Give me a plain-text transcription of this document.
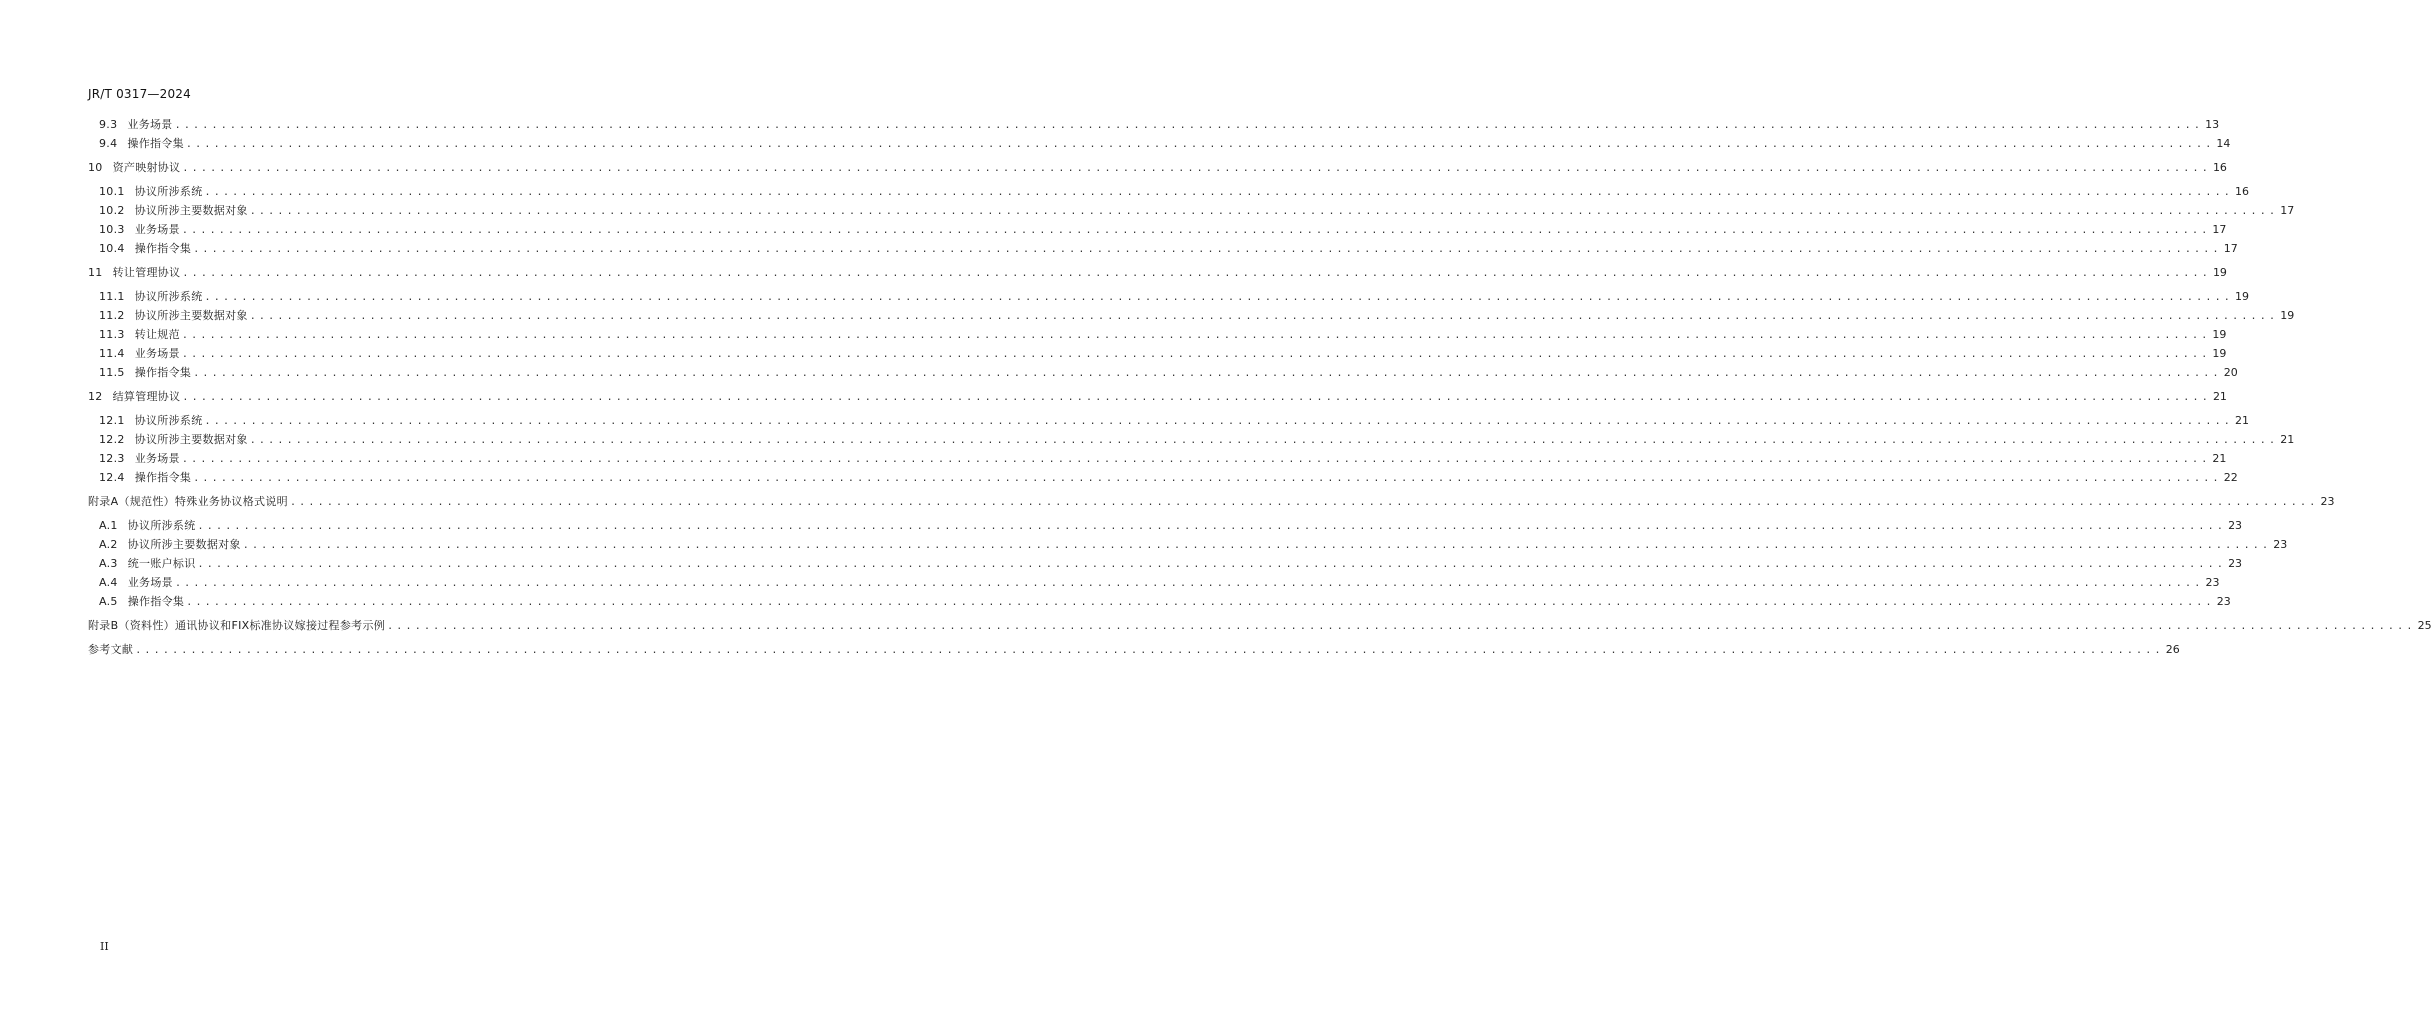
JR/T 0317—2024
9.3 业务场景 ............................................................................................................................................................................................................................ 13
9.4 操作指令集 ............................................................................................................................................................................................................................ 14
10 资产映射协议 ............................................................................................................................................................................................................................ 16
10.1 协议所涉系统 ............................................................................................................................................................................................................................ 16
10.2 协议所涉主要数据对象 ............................................................................................................................................................................................................................ 17
10.3 业务场景 ............................................................................................................................................................................................................................ 17
10.4 操作指令集 ............................................................................................................................................................................................................................ 17
11 转让管理协议 ............................................................................................................................................................................................................................ 19
11.1 协议所涉系统 ............................................................................................................................................................................................................................ 19
11.2 协议所涉主要数据对象 ............................................................................................................................................................................................................................ 19
11.3 转让规范 ............................................................................................................................................................................................................................ 19
11.4 业务场景 ............................................................................................................................................................................................................................ 19
11.5 操作指令集 ............................................................................................................................................................................................................................ 20
12 结算管理协议 ............................................................................................................................................................................................................................ 21
12.1 协议所涉系统 ............................................................................................................................................................................................................................ 21
12.2 协议所涉主要数据对象 ............................................................................................................................................................................................................................ 21
12.3 业务场景 ............................................................................................................................................................................................................................ 21
12.4 操作指令集 ............................................................................................................................................................................................................................ 22
附录A（规范性）特殊业务协议格式说明 ............................................................................................................................................................................................................................ 23
A.1 协议所涉系统 ............................................................................................................................................................................................................................ 23
A.2 协议所涉主要数据对象 ............................................................................................................................................................................................................................ 23
A.3 统一账户标识 ............................................................................................................................................................................................................................ 23
A.4 业务场景 ............................................................................................................................................................................................................................ 23
A.5 操作指令集 ............................................................................................................................................................................................................................ 23
附录B（资料性）通讯协议和FIX标准协议嫁接过程参考示例 ............................................................................................................................................................................................................................ 25
参考文献 ............................................................................................................................................................................................................................ 26
II
